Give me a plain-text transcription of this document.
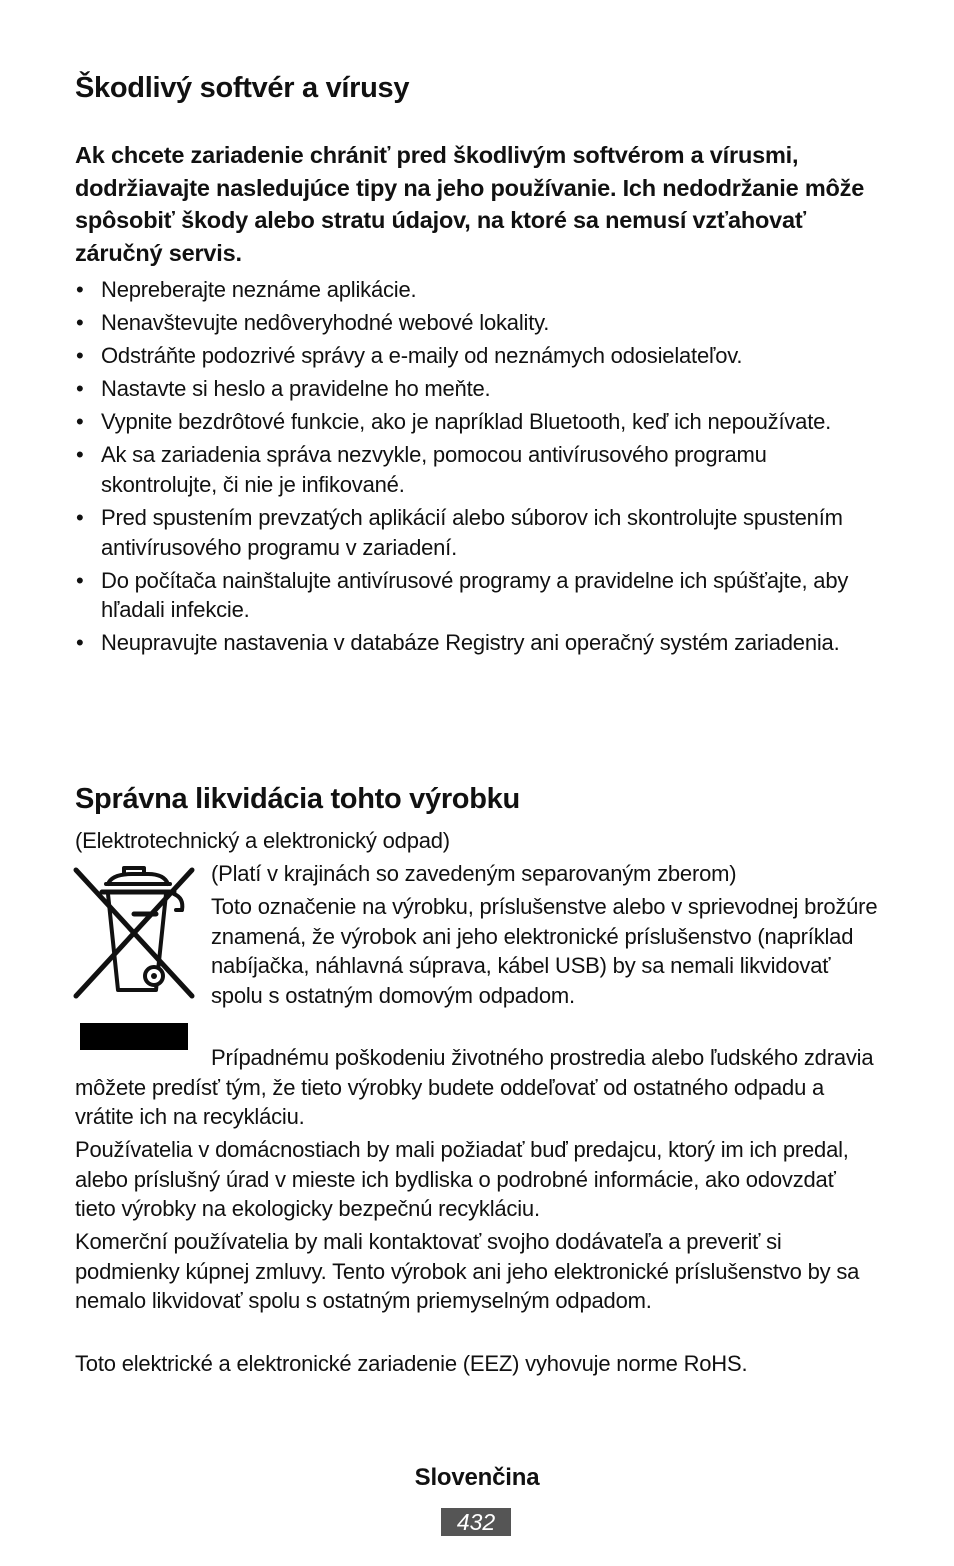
Škodlivý softvér a vírusy

Ak chcete zariadenie chrániť pred škodlivým softvérom a vírusmi, dodržiavajte nasledujúce tipy na jeho používanie. Ich nedodržanie môže spôsobiť škody alebo stratu údajov, na ktoré sa nemusí vzťahovať záručný servis.

• Nepreberajte neznáme aplikácie.
• Nenavštevujte nedôveryhodné webové lokality.
• Odstráňte podozrivé správy a e-maily od neznámych odosielateľov.
• Nastavte si heslo a pravidelne ho meňte.
• Vypnite bezdrôtové funkcie, ako je napríklad Bluetooth, keď ich nepoužívate.
• Ak sa zariadenia správa nezvykle, pomocou antivírusového programu skontrolujte, či nie je infikované.
• Pred spustením prevzatých aplikácií alebo súborov ich skontrolujte spustením antivírusového programu v zariadení.
• Do počítača nainštalujte antivírusové programy a pravidelne ich spúšťajte, aby hľadali infekcie.
• Neupravujte nastavenia v databáze Registry ani operačný systém zariadenia.
Správna likvidácia tohto výrobku

(Elektrotechnický a elektronický odpad)

(Platí v krajinách so zavedeným separovaným zberom)

Toto označenie na výrobku, príslušenstve alebo v sprievodnej brožúre znamená, že výrobok ani jeho elektronické príslušenstvo (napríklad nabíjačka, náhlavná súprava, kábel USB) by sa nemali likvidovať spolu s ostatným domovým odpadom.

Prípadnému poškodeniu životného prostredia alebo ľudského zdravia môžete predísť tým, že tieto výrobky budete oddeľovať od ostatného odpadu a vrátite ich na recykláciu.

Používatelia v domácnostiach by mali požiadať buď predajcu, ktorý im ich predal, alebo príslušný úrad v mieste ich bydliska o podrobné informácie, ako odovzdať tieto výrobky na ekologicky bezpečnú recykláciu.

Komerční používatelia by mali kontaktovať svojho dodávateľa a preveriť si podmienky kúpnej zmluvy. Tento výrobok ani jeho elektronické príslušenstvo by sa nemalo likvidovať spolu s ostatným priemyselným odpadom.

Toto elektrické a elektronické zariadenie (EEZ) vyhovuje norme RoHS.

Slovenčina
432
